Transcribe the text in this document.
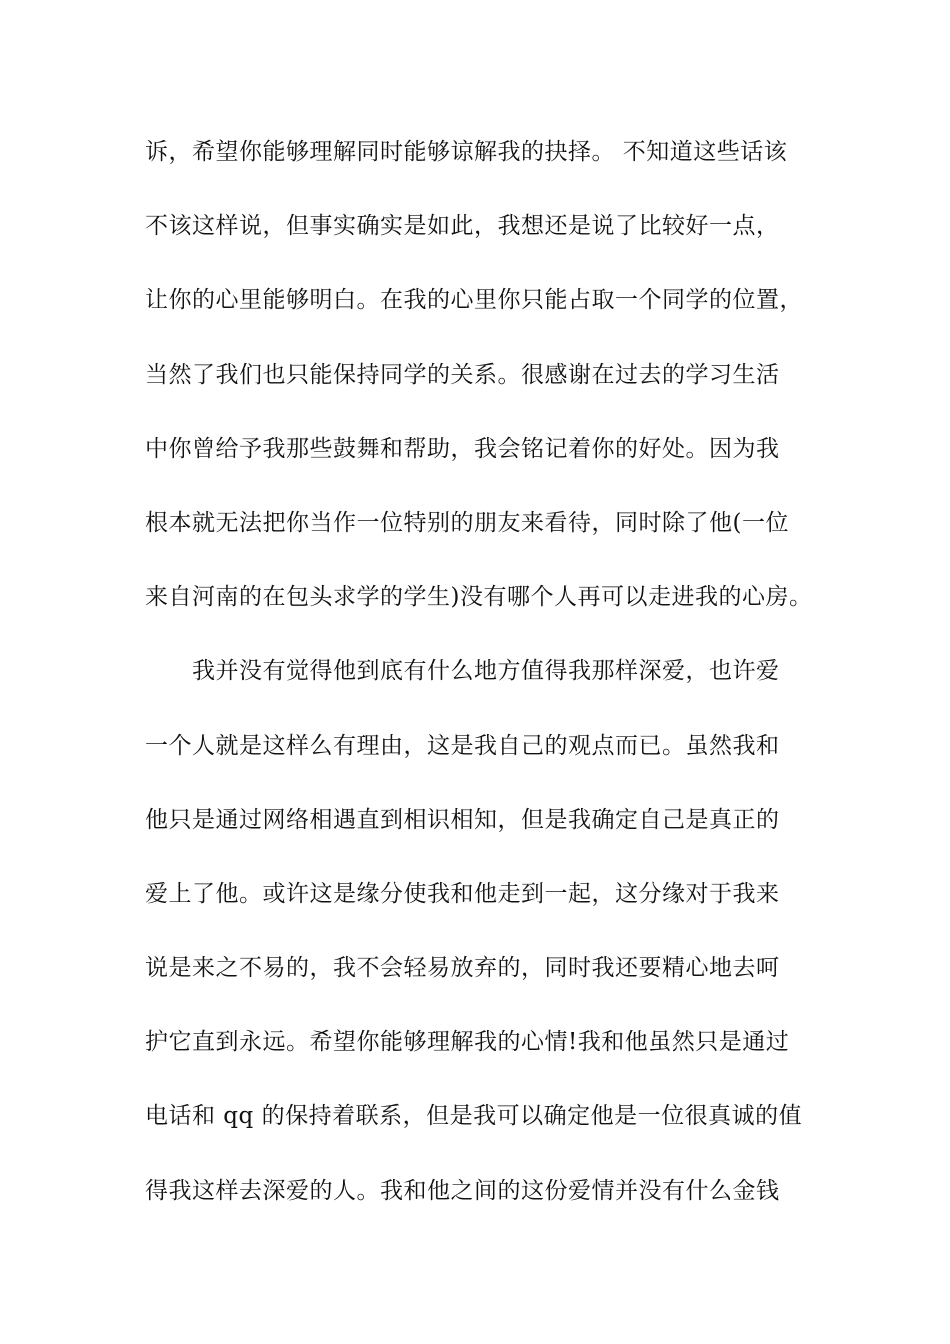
诉，希望你能够理解同时能够谅解我的抉择。 不知道这些话该
不该这样说，但事实确实是如此，我想还是说了比较好一点，
让你的心里能够明白。在我的心里你只能占取一个同学的位置，
当然了我们也只能保持同学的关系。很感谢在过去的学习生活
中你曾给予我那些鼓舞和帮助，我会铭记着你的好处。因为我
根本就无法把你当作一位特别的朋友来看待，同时除了他(一位
来自河南的在包头求学的学生)没有哪个人再可以走进我的心房。
我并没有觉得他到底有什么地方值得我那样深爱，也许爱
一个人就是这样么有理由，这是我自己的观点而已。虽然我和
他只是通过网络相遇直到相识相知，但是我确定自己是真正的
爱上了他。或许这是缘分使我和他走到一起，这分缘对于我来
说是来之不易的，我不会轻易放弃的，同时我还要精心地去呵
护它直到永远。希望你能够理解我的心情!我和他虽然只是通过
电话和 qq 的保持着联系，但是我可以确定他是一位很真诚的值
得我这样去深爱的人。我和他之间的这份爱情并没有什么金钱
